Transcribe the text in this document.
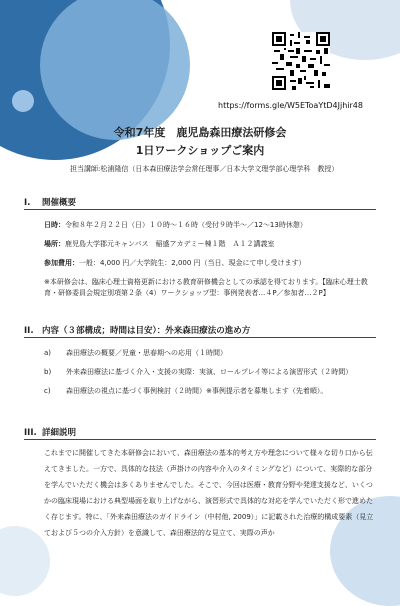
https://forms.gle/W5EToaYtD4Jjhir48
令和7年度　鹿児島森田療法研修会
1日ワークショップご案内
担当講師:松浦隆信（日本森田療法学会常任理事／日本大学文理学部心理学科　教授）
I. 開催概要
日時：令和８年２月２２日（日）１０時〜１６時（受付９時半〜／12〜13時休憩）
場所：鹿児島大学郡元キャンパス　稲盛アカデミー棟１階　Ａ１２講義室
参加費用：一般：4,000 円／大学院生：2,000 円（当日、現金にて申し受けます）
※本研修会は、臨床心理士資格更新における教育研修機会としての承認を得ております。【臨床心理士教育・研修委員会規定別項第２条（4）ワークショップ型：事例発表者…４P／参加者…２P】
II. 内容（３部構成；時間は目安）：外来森田療法の進め方
a) 森田療法の概要／児童・思春期への応用（１時間）
b) 外来森田療法に基づく介入・支援の実際：実演、ロールプレイ等による演習形式（２時間）
c) 森田療法の視点に基づく事例検討（２時間）※事例提示者を募集します（先着順）。
III. 詳細説明
これまでに開催してきた本研修会において、森田療法の基本的考え方や理念について様々な切り口から伝えてきました。一方で、具体的な技法（声掛けの内容や介入のタイミングなど）について、実際的な部分を学んでいただく機会は多くありませんでした。そこで、今回は医療・教育分野や発達支援など、いくつかの臨床現場における典型場面を取り上げながら、演習形式で具体的な対応を学んでいただく形で進めたく存じます。特に、「外来森田療法のガイドライン（中村他, 2009）」に記載された治療的構成要素（見立ておよび５つの介入方針）を意識して、森田療法的な見立て、実際の声か
